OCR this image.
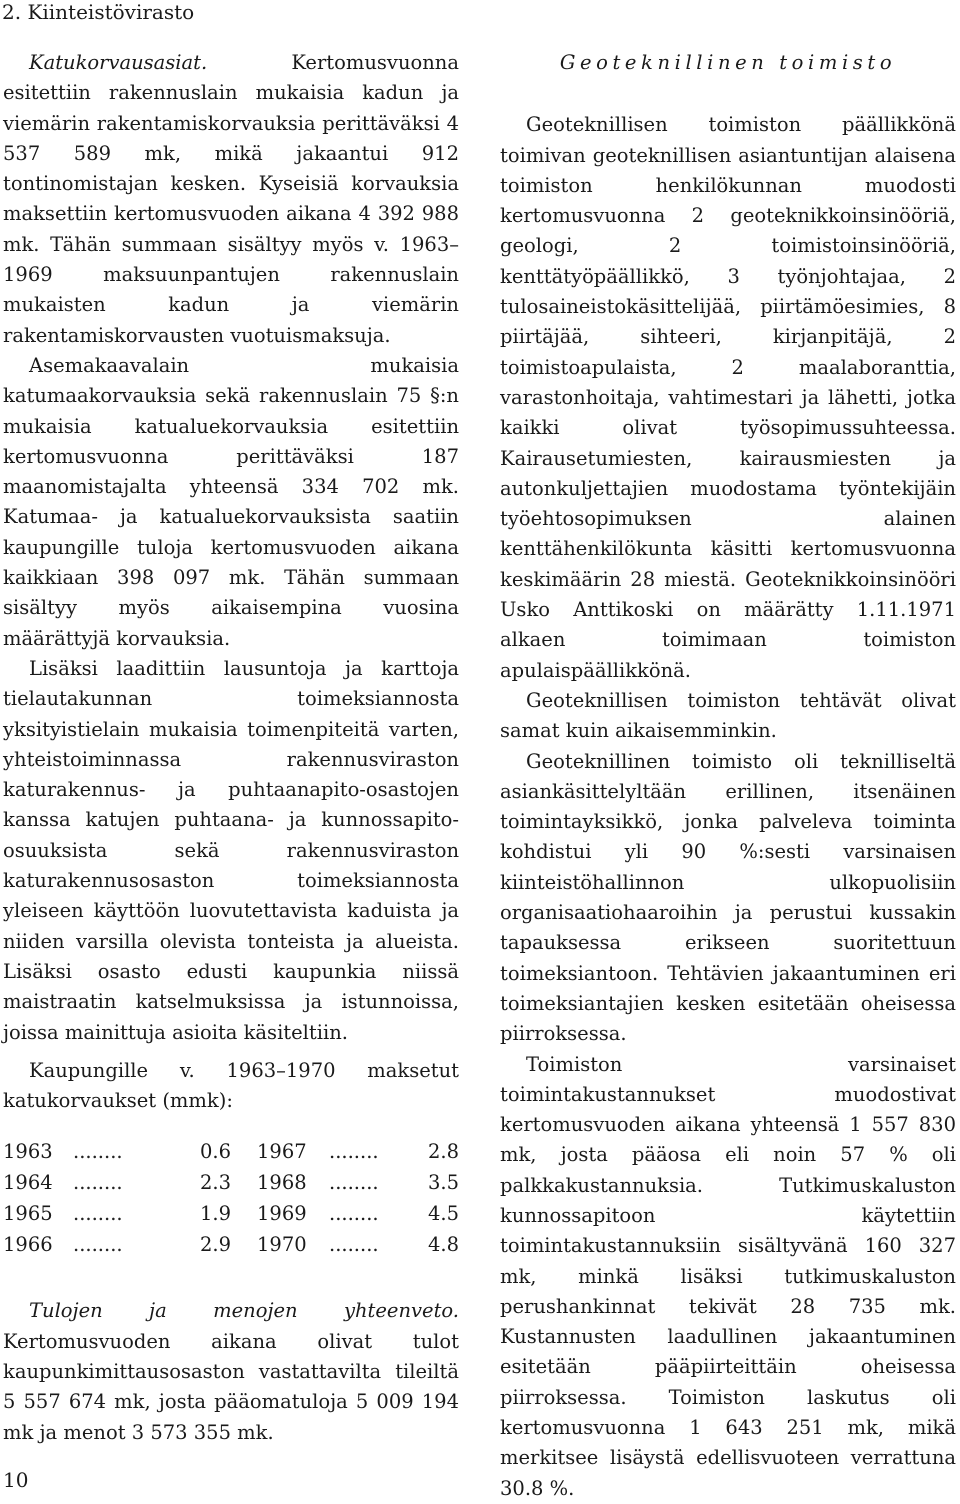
2. Kiinteistövirasto

Katukorvausasiat.	Kertomusvuonna esitettiin rakennuslain mukaisia kadun ja viemärin rakentamiskorvauksia perittäväksi 4 537 589 mk, mikä jakaantui 912 tontinomistajan kesken. Kyseisiä korvauksia maksettiin kertomusvuoden aikana 4 392 988 mk. Tähän summaan sisältyy myös v. 1963–1969 maksuunpantujen rakennuslain mukaisten kadun ja viemärin rakentamiskorvausten vuotuismaksuja.

Asemakaavalain mukaisia katumaakorvauksia sekä rakennuslain 75 §:n mukaisia katualuekorvauksia esitettiin kertomusvuonna perittäväksi 187 maanomistajalta yhteensä 334 702 mk. Katumaa- ja katualuekorvauksista saatiin kaupungille tuloja kertomusvuoden aikana kaikkiaan 398 097 mk. Tähän summaan sisältyy myös aikaisempina vuosina määrättyjä korvauksia.

Lisäksi laadittiin lausuntoja ja karttoja tielautakunnan toimeksiannosta yksityistielain mukaisia toimenpiteitä varten, yhteistoiminnassa rakennusviraston katurakennus- ja puhtaanapito-osastojen kanssa katujen puhtaana- ja kunnossapito-osuuksista sekä rakennusviraston katurakennusosaston toimeksiannosta yleiseen käyttöön luovutettavista kaduista ja niiden varsilla olevista tonteista ja alueista. Lisäksi osasto edusti kaupunkia niissä maistraatin katselmuksissa ja istunnoissa, joissa mainittuja asioita käsiteltiin.

Kaupungille v. 1963–1970 maksetut katukorvaukset (mmk):

1963	........	0.6	1967	........	2.8
1964	........	2.3	1968	........	3.5
1965	........	1.9	1969	........	4.5
1966	........	2.9	1970	........	4.8

Tulojen ja menojen yhteenveto. Kertomusvuoden aikana olivat tulot kaupunkimittausosaston vastattavilta tileiltä 5 557 674 mk, josta pääomatuloja 5 009 194 mk ja menot 3 573 355 mk.

Geoteknillinen toimisto

Geoteknillisen toimiston päällikkönä toimivan geoteknillisen asiantuntijan alaisena toimiston henkilökunnan muodosti kertomusvuonna 2 geoteknikkoinsinööriä, geologi, 2 toimistoinsinööriä, kenttätyöpäällikkö, 3 työnjohtajaa, 2 tulosaineistokäsittelijää, piirtämöesimies, 8 piirtäjää, sihteeri, kirjanpitäjä, 2 toimistoapulaista, 2 maalaboranttia, varastonhoitaja, vahtimestari ja lähetti, jotka kaikki olivat työsopimussuhteessa. Kairausetumiesten, kairausmiesten ja autonkuljettajien muodostama työntekijäin työehtosopimuksen alainen kenttähenkilökunta käsitti kertomusvuonna keskimäärin 28 miestä. Geoteknikkoinsinööri Usko Anttikoski on määrätty 1.11.1971 alkaen toimimaan toimiston apulaispäällikkönä.

Geoteknillisen toimiston tehtävät olivat samat kuin aikaisemminkin.

Geoteknillinen toimisto oli teknilliseltä asiankäsittelyltään erillinen, itsenäinen toimintayksikkö, jonka palveleva toiminta kohdistui yli 90 %:sesti varsinaisen kiinteistöhallinnon ulkopuolisiin organisaatiohaaroihin ja perustui kussakin tapauksessa erikseen suoritettuun toimeksiantoon. Tehtävien jakaantuminen eri toimeksiantajien kesken esitetään oheisessa piirroksessa.

Toimiston varsinaiset toimintakustannukset muodostivat kertomusvuoden aikana yhteensä 1 557 830 mk, josta pääosa eli noin 57 % oli palkkakustannuksia. Tutkimuskaluston kunnossapitoon käytettiin toimintakustannuksiin sisältyvänä 160 327 mk, minkä lisäksi tutkimuskaluston perushankinnat tekivät 28 735 mk. Kustannusten laadullinen jakaantuminen esitetään pääpiirteittäin oheisessa piirroksessa. Toimiston laskutus oli kertomusvuonna 1 643 251 mk, mikä merkitsee lisäystä edellisvuoteen verrattuna 30.8 %.

10
